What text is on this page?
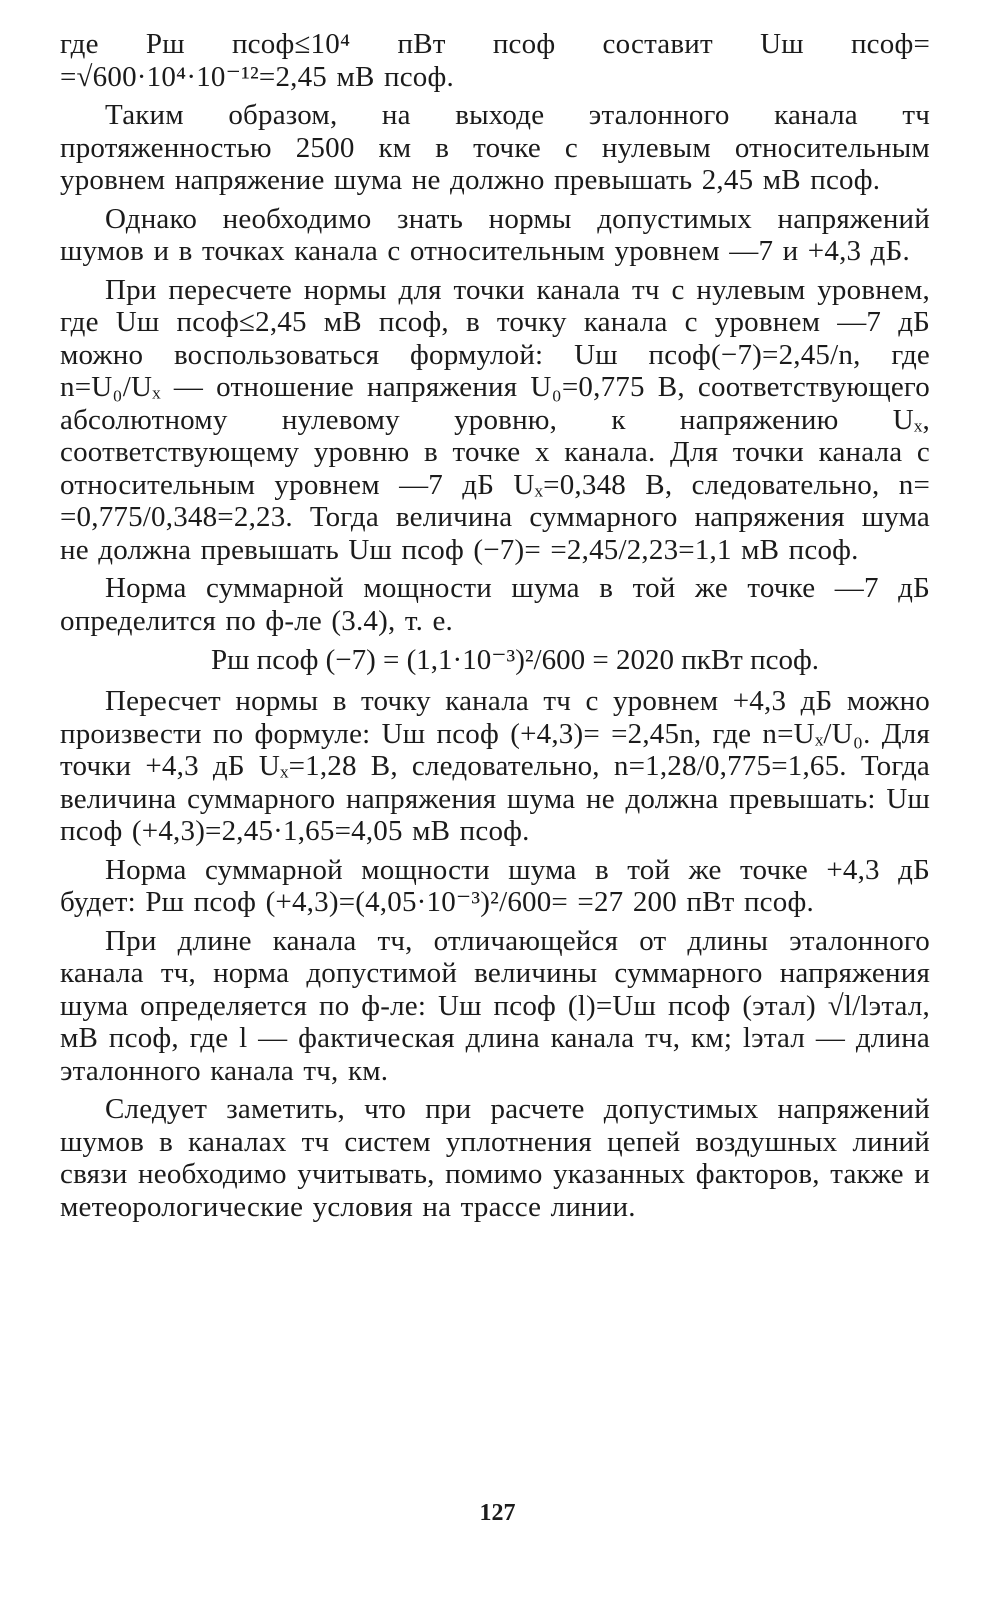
где Pш псоф≤10⁴ пВт псоф составит Uш псоф= =√600·10⁴·10⁻¹²=2,45 мВ псоф.

Таким образом, на выходе эталонного канала тч протяженностью 2500 км в точке с нулевым относительным уровнем напряжение шума не должно превышать 2,45 мВ псоф.

Однако необходимо знать нормы допустимых напряжений шумов и в точках канала с относительным уровнем —7 и +4,3 дБ.

При пересчете нормы для точки канала тч с нулевым уровнем, где Uш псоф≤2,45 мВ псоф, в точку канала с уровнем —7 дБ можно воспользоваться формулой: Uш псоф(−7)=2,45/n, где n=U₀/Uₓ — отношение напряжения U₀=0,775 В, соответствующего абсолютному нулевому уровню, к напряжению Uₓ, соответствующему уровню в точке x канала. Для точки канала с относительным уровнем —7 дБ Uₓ=0,348 В, следовательно, n= =0,775/0,348=2,23. Тогда величина суммарного напряжения шума не должна превышать Uш псоф (−7)= =2,45/2,23=1,1 мВ псоф.

Норма суммарной мощности шума в той же точке —7 дБ определится по ф-ле (3.4), т. е.

Pш псоф (−7) = (1,1·10⁻³)²/600 = 2020 пкВт псоф.

Пересчет нормы в точку канала тч с уровнем +4,3 дБ можно произвести по формуле: Uш псоф (+4,3)= =2,45n, где n=Uₓ/U₀. Для точки +4,3 дБ Uₓ=1,28 В, следовательно, n=1,28/0,775=1,65. Тогда величина суммарного напряжения шума не должна превышать: Uш псоф (+4,3)=2,45·1,65=4,05 мВ псоф.

Норма суммарной мощности шума в той же точке +4,3 дБ будет: Pш псоф (+4,3)=(4,05·10⁻³)²/600= =27 200 пВт псоф.

При длине канала тч, отличающейся от длины эталонного канала тч, норма допустимой величины суммарного напряжения шума определяется по ф-ле: Uш псоф (l)=Uш псоф (этал) √l/lэтал, мВ псоф, где l — фактическая длина канала тч, км; lэтал — длина эталонного канала тч, км.

Следует заметить, что при расчете допустимых напряжений шумов в каналах тч систем уплотнения цепей воздушных линий связи необходимо учитывать, помимо указанных факторов, также и метеорологические условия на трассе линии.

127
